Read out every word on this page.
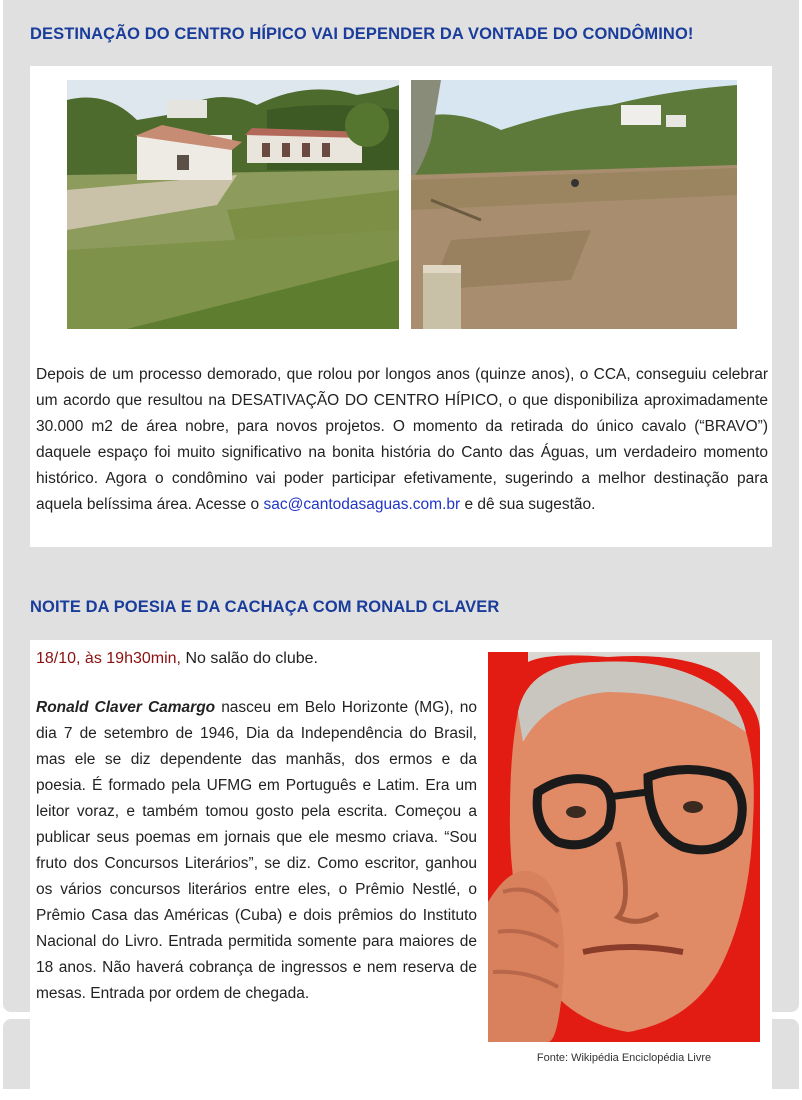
DESTINAÇÃO DO CENTRO HÍPICO VAI DEPENDER DA VONTADE DO CONDÔMINO!

Depois de um processo demorado, que rolou por longos anos (quinze anos), o CCA, conseguiu celebrar um acordo que resultou na DESATIVAÇÃO DO CENTRO HÍPICO, o que disponibiliza aproximadamente 30.000 m2 de área nobre, para novos projetos. O momento da retirada do único cavalo (“BRAVO”) daquele espaço foi muito significativo na bonita história do Canto das Águas, um verdadeiro momento histórico. Agora o condômino vai poder participar efetivamente, sugerindo a melhor destinação para aquela belíssima área. Acesse o sac@cantodasaguas.com.br e dê sua sugestão.

NOITE DA POESIA E DA CACHAÇA COM RONALD CLAVER

18/10, às 19h30min, No salão do clube.

Ronald Claver Camargo nasceu em Belo Horizonte (MG), no dia 7 de setembro de 1946, Dia da Independência do Brasil, mas ele se diz dependente das manhãs, dos ermos e da poesia. É formado pela UFMG em Português e Latim. Era um leitor voraz, e também tomou gosto pela escrita. Começou a publicar seus poemas em jornais que ele mesmo criava. “Sou fruto dos Concursos Literários”, se diz. Como escritor, ganhou os vários concursos literários entre eles, o Prêmio Nestlé, o Prêmio Casa das Américas (Cuba) e dois prêmios do Instituto Nacional do Livro. Entrada permitida somente para maiores de 18 anos. Não haverá cobrança de ingressos e nem reserva de mesas. Entrada por ordem de chegada.

Fonte: Wikipédia Enciclopédia Livre
